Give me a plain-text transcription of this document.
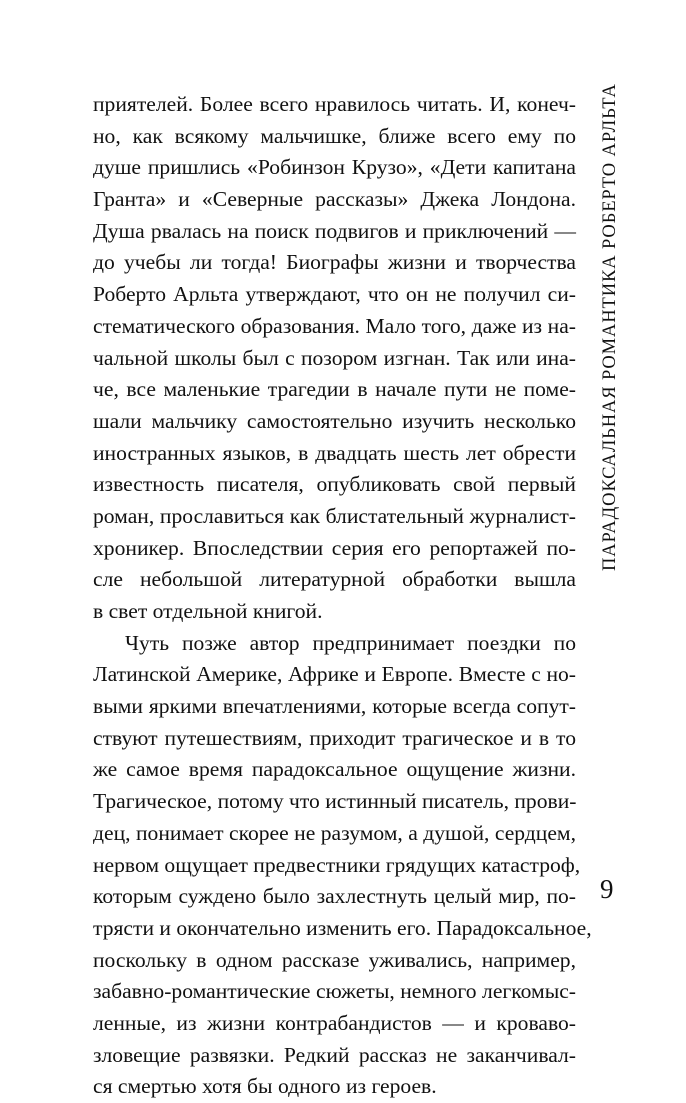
приятелей. Более всего нравилось читать. И, конеч-
но, как всякому мальчишке, ближе всего ему по
душе пришлись «Робинзон Крузо», «Дети капитана
Гранта» и «Северные рассказы» Джека Лондона.
Душа рвалась на поиск подвигов и приключений —
до учебы ли тогда! Биографы жизни и творчества
Роберто Арльта утверждают, что он не получил си-
стематического образования. Мало того, даже из на-
чальной школы был с позором изгнан. Так или ина-
че, все маленькие трагедии в начале пути не поме-
шали мальчику самостоятельно изучить несколько
иностранных языков, в двадцать шесть лет обрести
известность писателя, опубликовать свой первый
роман, прославиться как блистательный журналист-
хроникер. Впоследствии серия его репортажей по-
сле небольшой литературной обработки вышла
в свет отдельной книгой.
Чуть позже автор предпринимает поездки по
Латинской Америке, Африке и Европе. Вместе с но-
выми яркими впечатлениями, которые всегда сопут-
ствуют путешествиям, приходит трагическое и в то
же самое время парадоксальное ощущение жизни.
Трагическое, потому что истинный писатель, прови-
дец, понимает скорее не разумом, а душой, сердцем,
нервом ощущает предвестники грядущих катастроф,
которым суждено было захлестнуть целый мир, по-
трясти и окончательно изменить его. Парадоксальное,
поскольку в одном рассказе уживались, например,
забавно-романтические сюжеты, немного легкомыс-
ленные, из жизни контрабандистов — и кроваво-
зловещие развязки. Редкий рассказ не заканчивал-
ся смертью хотя бы одного из героев.
ПАРАДОКСАЛЬНАЯ РОМАНТИКА РОБЕРТО АРЛЬТА
9
